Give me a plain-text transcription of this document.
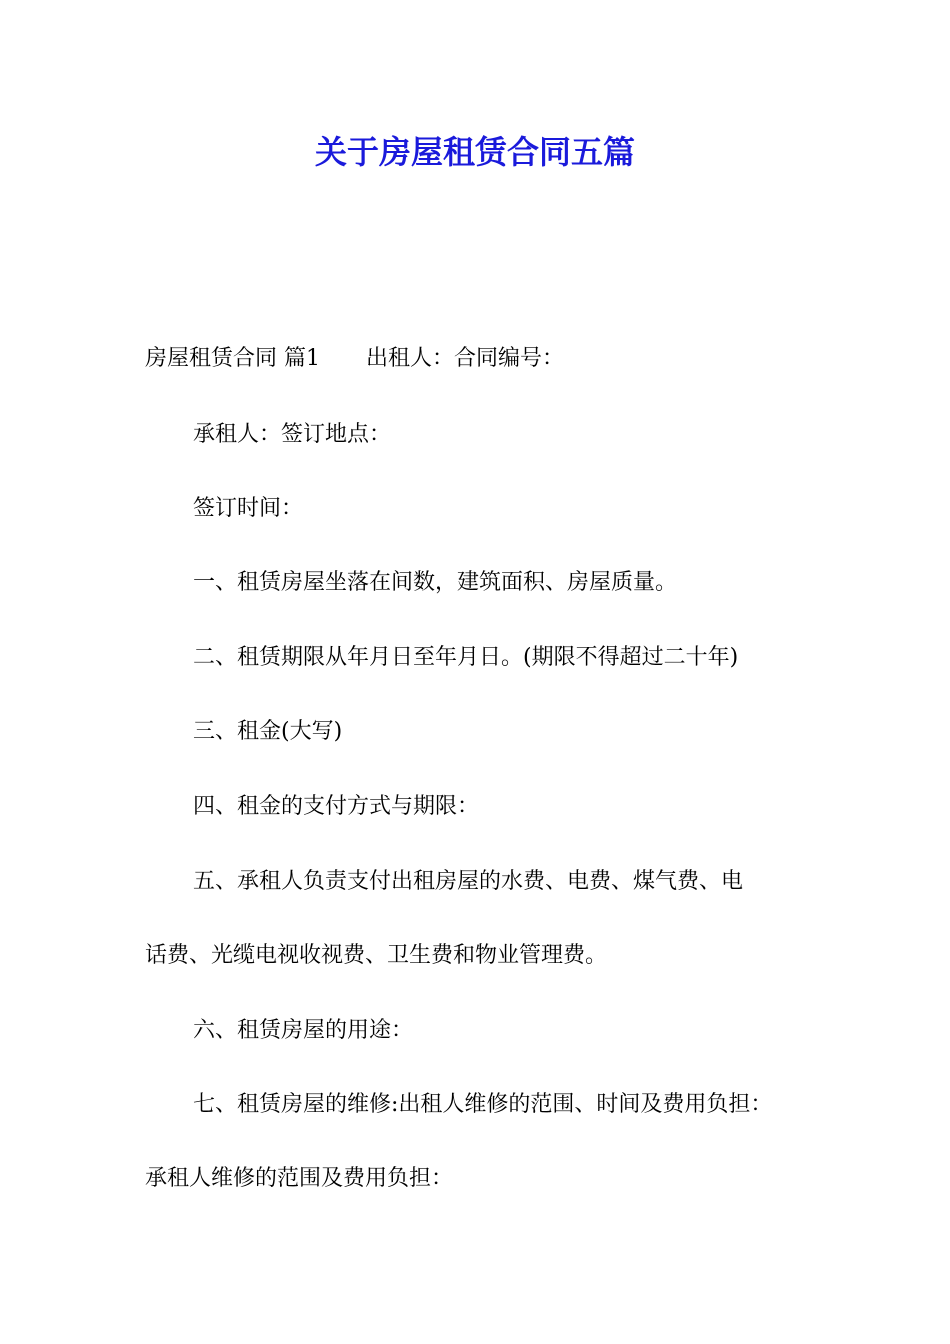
关于房屋租赁合同五篇

房屋租赁合同 篇1 出租人：合同编号：

承租人：签订地点：

签订时间：

一、租赁房屋坐落在间数，建筑面积、房屋质量。

二、租赁期限从年月日至年月日。(期限不得超过二十年)

三、租金(大写)

四、租金的支付方式与期限：

五、承租人负责支付出租房屋的水费、电费、煤气费、电

话费、光缆电视收视费、卫生费和物业管理费。

六、租赁房屋的用途：

七、租赁房屋的维修:出租人维修的范围、时间及费用负担：

承租人维修的范围及费用负担：
